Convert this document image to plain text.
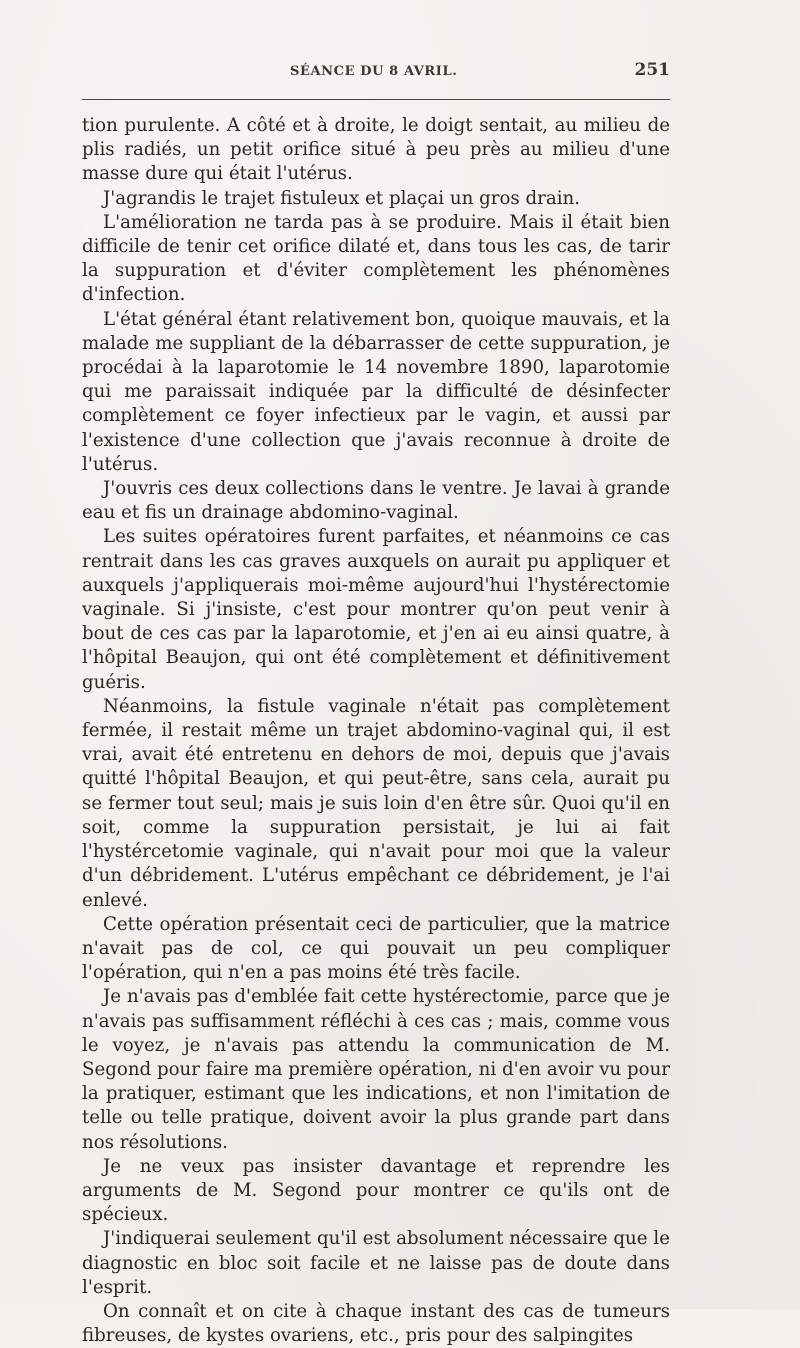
SÉANCE DU 8 AVRIL.	251

tion purulente. A côté et à droite, le doigt sentait, au milieu de plis radiés, un petit orifice situé à peu près au milieu d'une masse dure qui était l'utérus.

J'agrandis le trajet fistuleux et plaçai un gros drain.

L'amélioration ne tarda pas à se produire. Mais il était bien difficile de tenir cet orifice dilaté et, dans tous les cas, de tarir la suppuration et d'éviter complètement les phénomènes d'infection.

L'état général étant relativement bon, quoique mauvais, et la malade me suppliant de la débarrasser de cette suppuration, je procédai à la laparotomie le 14 novembre 1890, laparotomie qui me paraissait indiquée par la difficulté de désinfecter complètement ce foyer infectieux par le vagin, et aussi par l'existence d'une collection que j'avais reconnue à droite de l'utérus.

J'ouvris ces deux collections dans le ventre. Je lavai à grande eau et fis un drainage abdomino-vaginal.

Les suites opératoires furent parfaites, et néanmoins ce cas rentrait dans les cas graves auxquels on aurait pu appliquer et auxquels j'appliquerais moi-même aujourd'hui l'hystérectomie vaginale. Si j'insiste, c'est pour montrer qu'on peut venir à bout de ces cas par la laparotomie, et j'en ai eu ainsi quatre, à l'hôpital Beaujon, qui ont été complètement et définitivement guéris.

Néanmoins, la fistule vaginale n'était pas complètement fermée, il restait même un trajet abdomino-vaginal qui, il est vrai, avait été entretenu en dehors de moi, depuis que j'avais quitté l'hôpital Beaujon, et qui peut-être, sans cela, aurait pu se fermer tout seul; mais je suis loin d'en être sûr. Quoi qu'il en soit, comme la suppuration persistait, je lui ai fait l'hystércetomie vaginale, qui n'avait pour moi que la valeur d'un débridement. L'utérus empêchant ce débridement, je l'ai enlevé.

Cette opération présentait ceci de particulier, que la matrice n'avait pas de col, ce qui pouvait un peu compliquer l'opération, qui n'en a pas moins été très facile.

Je n'avais pas d'emblée fait cette hystérectomie, parce que je n'avais pas suffisamment réfléchi à ces cas ; mais, comme vous le voyez, je n'avais pas attendu la communication de M. Segond pour faire ma première opération, ni d'en avoir vu pour la pratiquer, estimant que les indications, et non l'imitation de telle ou telle pratique, doivent avoir la plus grande part dans nos résolutions.

Je ne veux pas insister davantage et reprendre les arguments de M. Segond pour montrer ce qu'ils ont de spécieux.

J'indiquerai seulement qu'il est absolument nécessaire que le diagnostic en bloc soit facile et ne laisse pas de doute dans l'esprit.

On connaît et on cite à chaque instant des cas de tumeurs fibreuses, de kystes ovariens, etc., pris pour des salpingites
